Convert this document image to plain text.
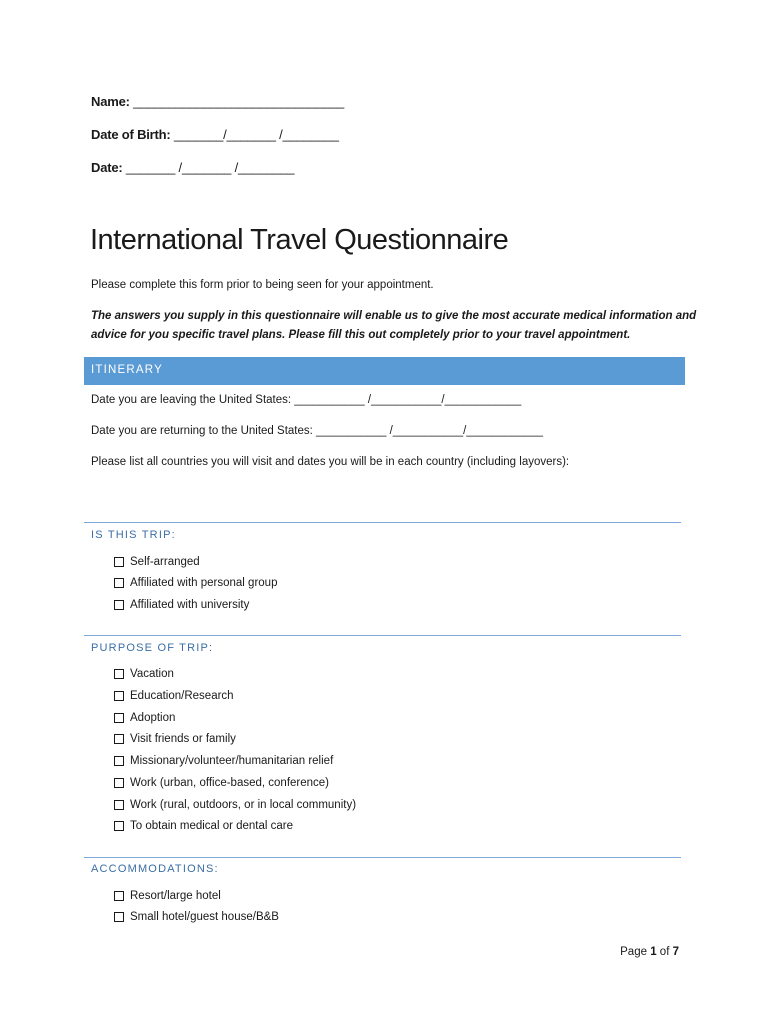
Name: ______________________________
Date of Birth: _______/_______ /________
Date: _______ /_______ /________
International Travel Questionnaire
Please complete this form prior to being seen for your appointment.
The answers you supply in this questionnaire will enable us to give the most accurate medical information and
advice for you specific travel plans. Please fill this out completely prior to your travel appointment.
ITINERARY
Date you are leaving the United States: ___________ /___________/____________
Date you are returning to the United States: ___________ /___________/____________
Please list all countries you will visit and dates you will be in each country (including layovers):
IS THIS TRIP:
Self-arranged
Affiliated with personal group
Affiliated with university
PURPOSE OF TRIP:
Vacation
Education/Research
Adoption
Visit friends or family
Missionary/volunteer/humanitarian relief
Work (urban, office-based, conference)
Work (rural, outdoors, or in local community)
To obtain medical or dental care
ACCOMMODATIONS:
Resort/large hotel
Small hotel/guest house/B&B
Page 1 of 7
